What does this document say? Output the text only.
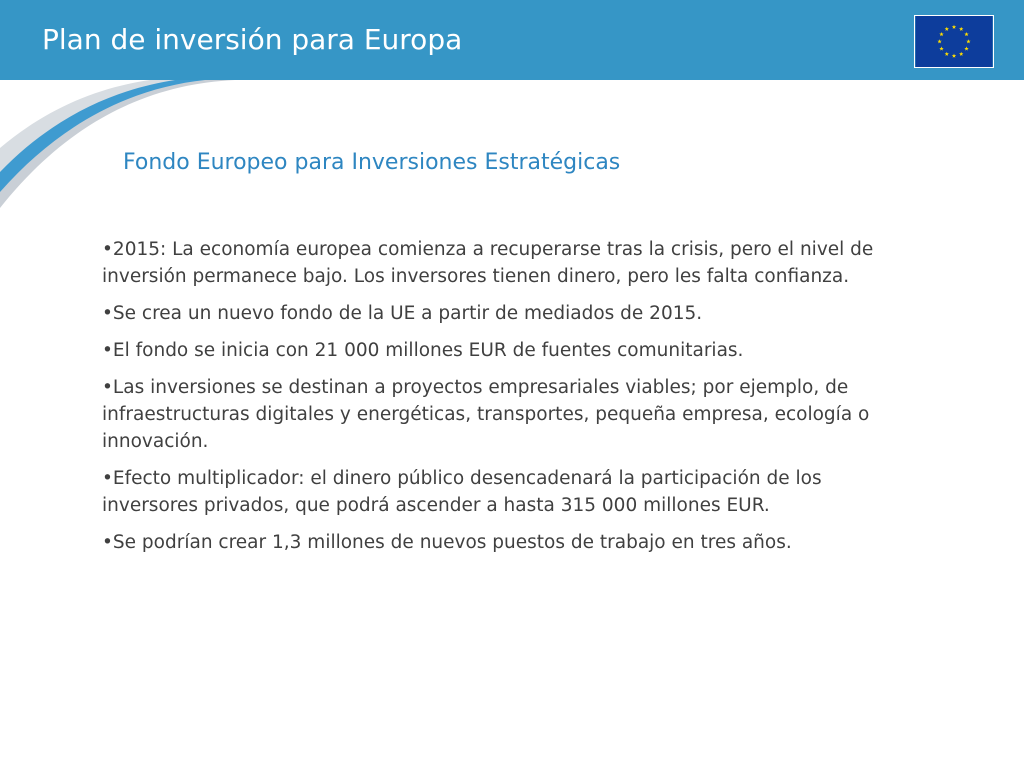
Plan de inversión para Europa
Fondo Europeo para Inversiones Estratégicas
• 2015: La economía europea comienza a recuperarse tras la crisis, pero el nivel de inversión permanece bajo. Los inversores tienen dinero, pero les falta confianza.
• Se crea un nuevo fondo de la UE a partir de mediados de 2015.
• El fondo se inicia con 21 000 millones EUR de fuentes comunitarias.
• Las inversiones se destinan a proyectos empresariales viables; por ejemplo, de infraestructuras digitales y energéticas, transportes, pequeña empresa, ecología o innovación.
• Efecto multiplicador: el dinero público desencadenará la participación de los inversores privados, que podrá ascender a hasta 315 000 millones EUR.
• Se podrían crear 1,3 millones de nuevos puestos de trabajo en tres años.
